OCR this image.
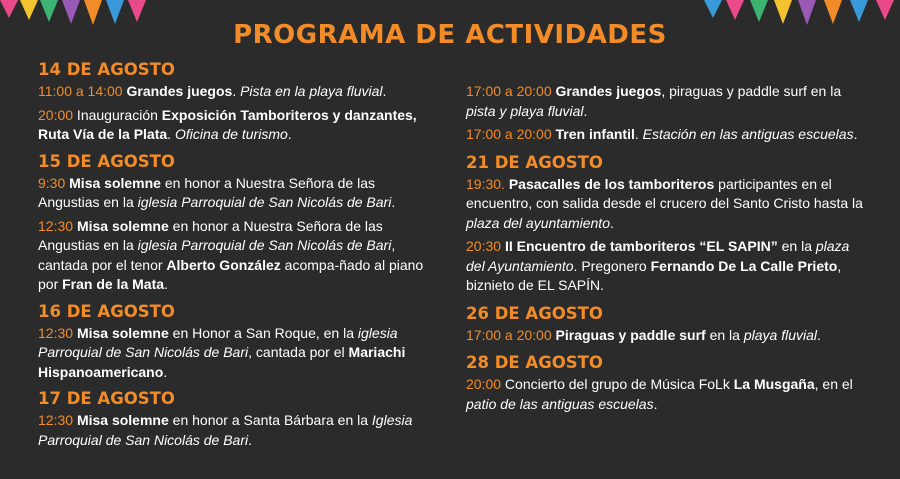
PROGRAMA DE ACTIVIDADES
14 DE AGOSTO
11:00 a 14:00 Grandes juegos. Pista en la playa fluvial.
20:00 Inauguración Exposición Tamboriteros y danzantes, Ruta Vía de la Plata. Oficina de turismo.
15 DE AGOSTO
9:30 Misa solemne en honor a Nuestra Señora de las Angustias en la iglesia Parroquial de San Nicolás de Bari.
12:30 Misa solemne en honor a Nuestra Señora de las Angustias en la iglesia Parroquial de San Nicolás de Bari, cantada por el tenor Alberto González acompa-ñado al piano por Fran de la Mata.
16 DE AGOSTO
12:30 Misa solemne en Honor a San Roque, en la iglesia Parroquial de San Nicolás de Bari, cantada por el Mariachi Hispanoamericano.
17 DE AGOSTO
12:30 Misa solemne en honor a Santa Bárbara en la Iglesia Parroquial de San Nicolás de Bari.
17:00 a 20:00 Grandes juegos, piraguas y paddle surf en la pista y playa fluvial.
17:00 a 20:00 Tren infantil. Estación en las antiguas escuelas.
21 DE AGOSTO
19:30. Pasacalles de los tamboriteros participantes en el encuentro, con salida desde el crucero del Santo Cristo hasta la plaza del ayuntamiento.
20:30 II Encuentro de tamboriteros “EL SAPIN” en la plaza del Ayuntamiento. Pregonero Fernando De La Calle Prieto, biznieto de EL SAPÍN.
26 DE AGOSTO
17:00 a 20:00 Piraguas y paddle surf en la playa fluvial.
28 DE AGOSTO
20:00 Concierto del grupo de Música FoLk La Musgaña, en el patio de las antiguas escuelas.
